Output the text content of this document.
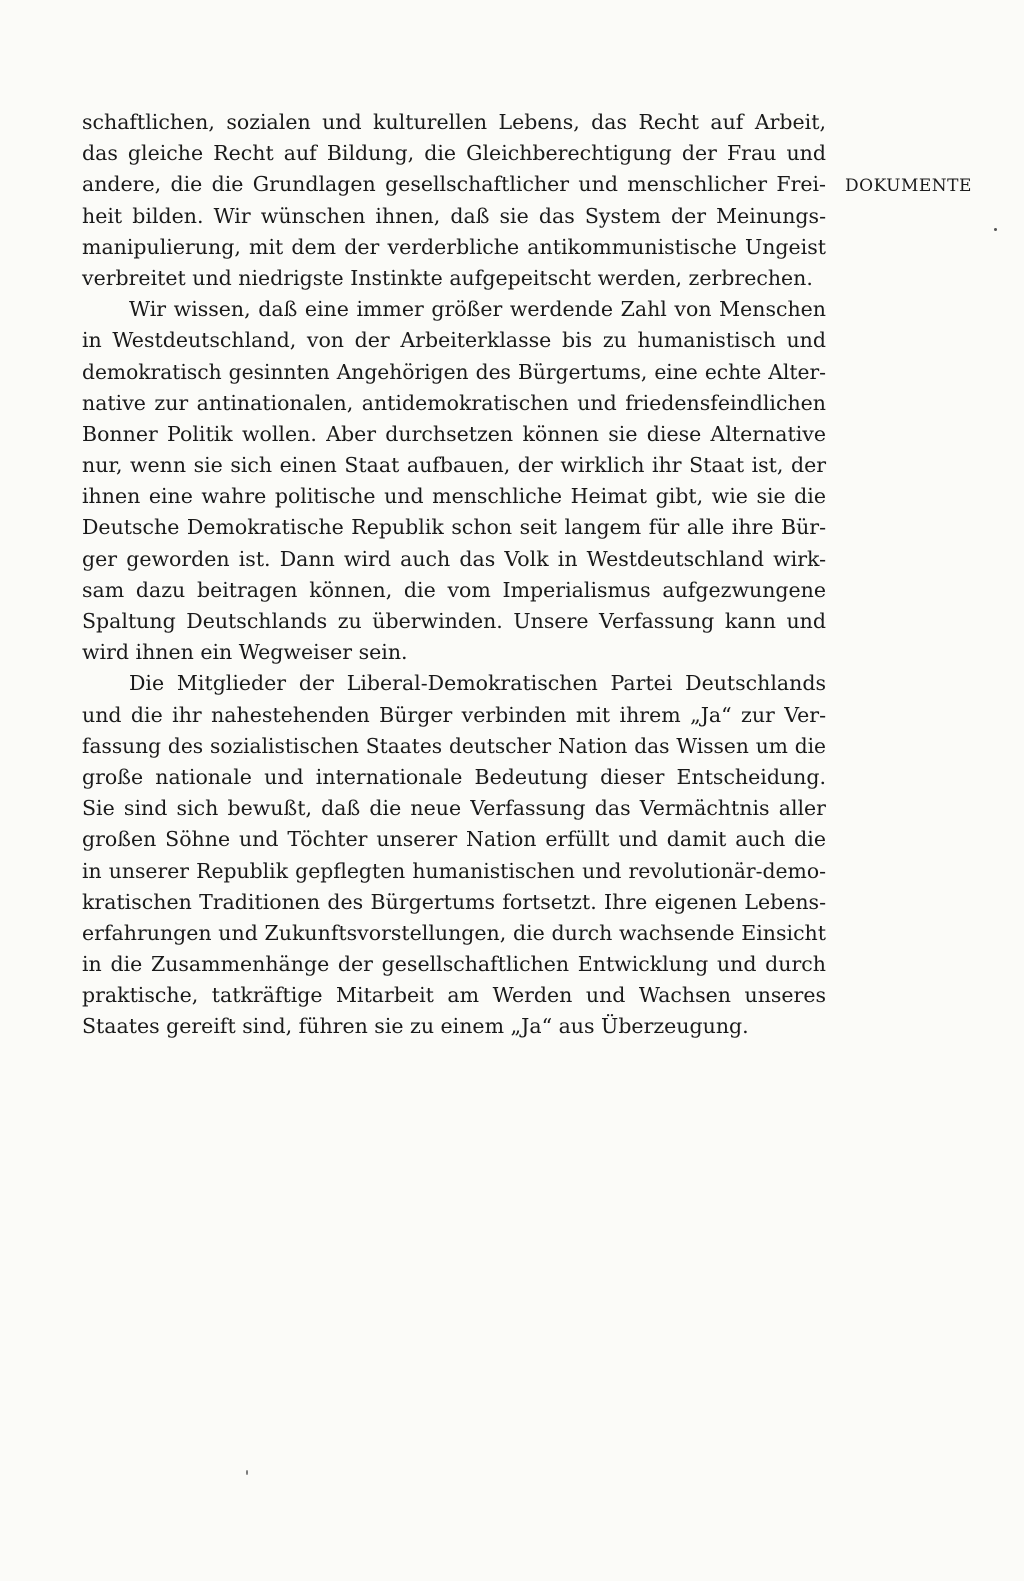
DOKUMENTE
schaftlichen, sozialen und kulturellen Lebens, das Recht auf Arbeit,
das gleiche Recht auf Bildung, die Gleichberechtigung der Frau und
andere, die die Grundlagen gesellschaftlicher und menschlicher Frei-
heit bilden. Wir wünschen ihnen, daß sie das System der Meinungs-
manipulierung, mit dem der verderbliche antikommunistische Ungeist
verbreitet und niedrigste Instinkte aufgepeitscht werden, zerbrechen.
Wir wissen, daß eine immer größer werdende Zahl von Menschen
in Westdeutschland, von der Arbeiterklasse bis zu humanistisch und
demokratisch gesinnten Angehörigen des Bürgertums, eine echte Alter-
native zur antinationalen, antidemokratischen und friedensfeindlichen
Bonner Politik wollen. Aber durchsetzen können sie diese Alternative
nur, wenn sie sich einen Staat aufbauen, der wirklich ihr Staat ist, der
ihnen eine wahre politische und menschliche Heimat gibt, wie sie die
Deutsche Demokratische Republik schon seit langem für alle ihre Bür-
ger geworden ist. Dann wird auch das Volk in Westdeutschland wirk-
sam dazu beitragen können, die vom Imperialismus aufgezwungene
Spaltung Deutschlands zu überwinden. Unsere Verfassung kann und
wird ihnen ein Wegweiser sein.
Die Mitglieder der Liberal-Demokratischen Partei Deutschlands
und die ihr nahestehenden Bürger verbinden mit ihrem „Ja“ zur Ver-
fassung des sozialistischen Staates deutscher Nation das Wissen um die
große nationale und internationale Bedeutung dieser Entscheidung.
Sie sind sich bewußt, daß die neue Verfassung das Vermächtnis aller
großen Söhne und Töchter unserer Nation erfüllt und damit auch die
in unserer Republik gepflegten humanistischen und revolutionär-demo-
kratischen Traditionen des Bürgertums fortsetzt. Ihre eigenen Lebens-
erfahrungen und Zukunftsvorstellungen, die durch wachsende Einsicht
in die Zusammenhänge der gesellschaftlichen Entwicklung und durch
praktische, tatkräftige Mitarbeit am Werden und Wachsen unseres
Staates gereift sind, führen sie zu einem „Ja“ aus Überzeugung.
